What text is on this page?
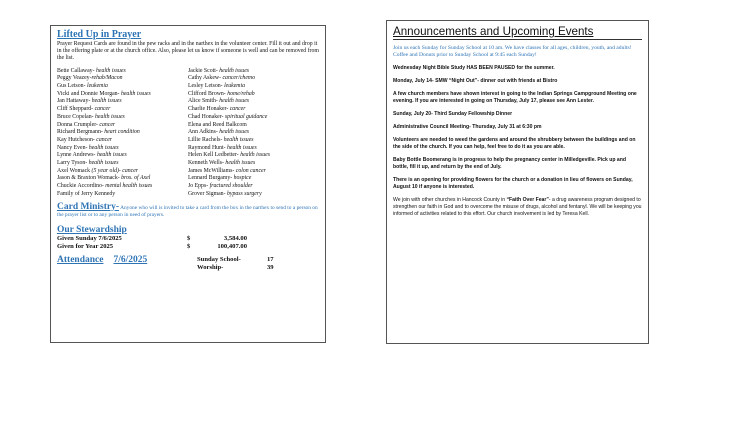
Lifted Up in Prayer
Prayer Request Cards are found in the pew racks and in the narthex in the volunteer center. Fill it out and drop it in the offering plate or at the church office. Also, please let us know if someone is well and can be removed from the list.
Bette Callaway- health issues
Peggy Veazey-rehab/Macon
Gus Letson- leukemia
Vicki and Donnie Morgan- health issues
Jan Hattaway- health issues
Cliff Sheppard- cancer
Bruce Copelan- health issues
Donna Crumpler- cancer
Richard Bergmann- heart condition
Kay Hutcheson- cancer
Nancy Even- health issues
Lynne Andrews- health issues
Larry Tyson- health issues
Axel Womack (5 year old)- cancer
Jason & Braxton Womack- bros. of Axel
Chuckie Accordino- mental health issues
Family of Jerry Kennedy
Jackie Scott- health issues
Cathy Askew- cancer/chemo
Lesley Letson- leukemia
Clifford Brown- home/rehab
Alice Smith- health issues
Charlie Honaker- cancer
Chad Honaker- spiritual guidance
Elena and Reed Balkcom
Ann Adkins- health issues
Lillie Rachels- health issues
Raymond Hunt- health issues
Helen Kell Ledbetter- health issues
Kenneth Wells- health issues
James McWilliams- colon cancer
Lennard Burgamy- hospice
Jo Epps- fractured shoulder
Grover Sigman- bypass surgery
Card Ministry- Anyone who will is invited to take a card from the box in the narthex to send to a person on the prayer list or to any person in need of prayers.
Our Stewardship
Given Sunday 7/6/2025	$	3,584.00
Given for Year 2025	$	100,407.00
Attendance 7/6/2025	Sunday School-	17
Worship-	39
Announcements and Upcoming Events
Join us each Sunday for Sunday School at 10 am. We have classes for all ages, children, youth, and adults! Coffee and Donuts prior to Sunday School at 9:45 each Sunday!
Wednesday Night Bible Study HAS BEEN PAUSED for the summer.
Monday, July 14- SMW “Night Out”- dinner out with friends at Bistro
A few church members have shown interest in going to the Indian Springs Campground Meeting one evening. If you are interested in going on Thursday, July 17, please see Ann Lester.
Sunday, July 20- Third Sunday Fellowship Dinner
Administrative Council Meeting- Thursday, July 31 at 6:30 pm
Volunteers are needed to weed the gardens and around the shrubbery between the buildings and on the side of the church. If you can help, feel free to do it as you are able.
Baby Bottle Boomerang is in progress to help the pregnancy center in Milledgeville. Pick up and bottle, fill it up, and return by the end of July.
There is an opening for providing flowers for the church or a donation in lieu of flowers on Sunday, August 10 if anyone is interested.
We join with other churches in Hancock County in “Faith Over Fear”- a drug awareness program designed to strengthen our faith in God and to overcome the misuse of drugs, alcohol and fentanyl. We will be keeping you informed of activities related to this effort. Our church involvement is led by Teresa Kell.
